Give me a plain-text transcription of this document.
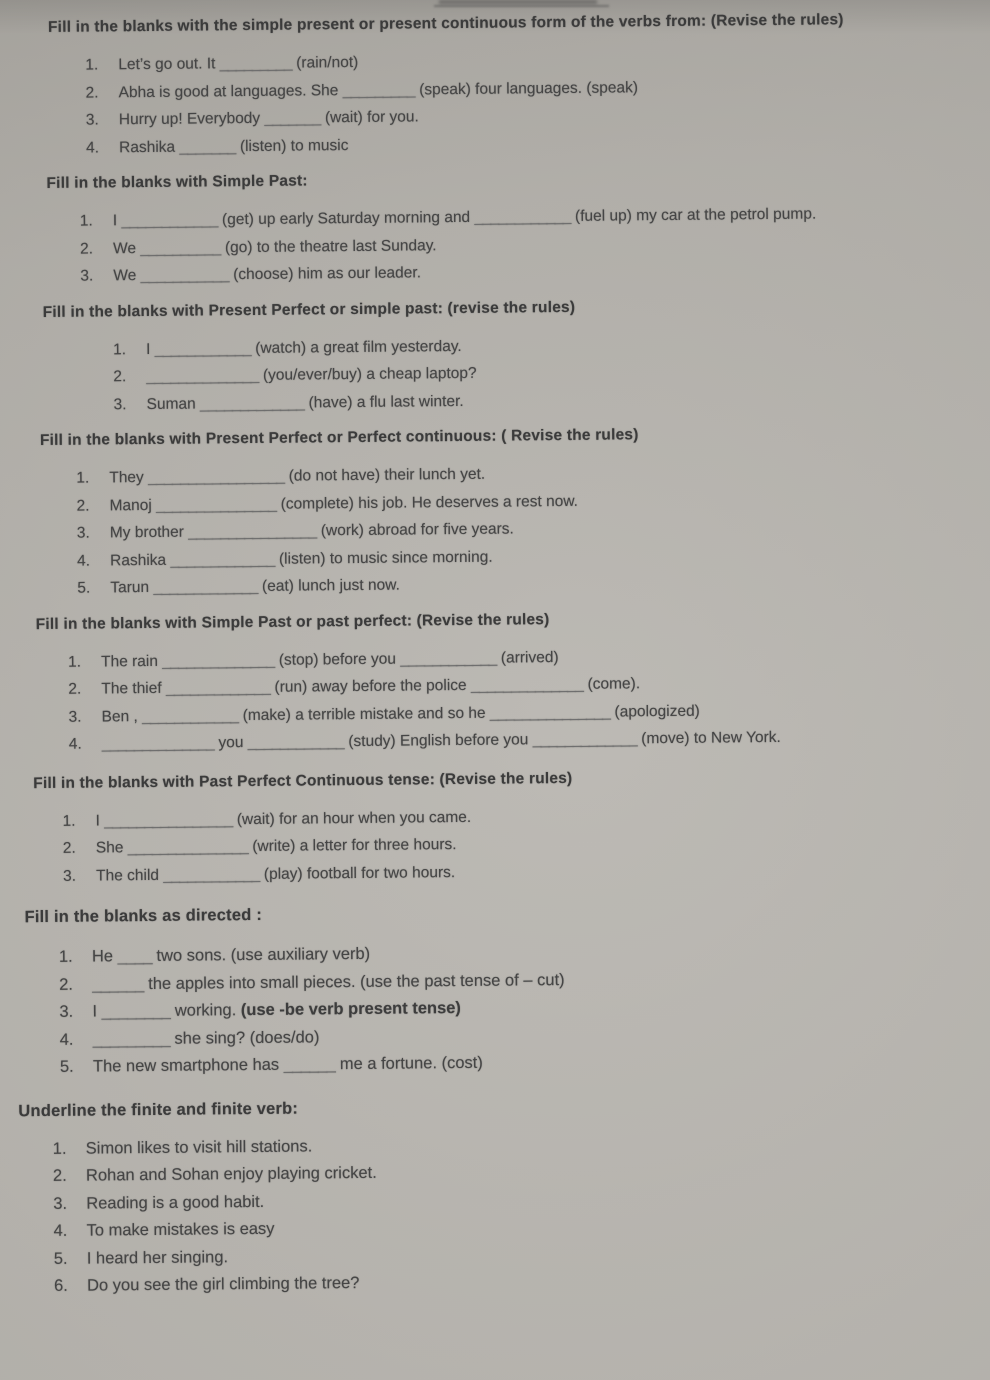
Fill in the blanks with the simple present or present continuous form of the verbs from: (Revise the rules)
1.	Let’s go out. It _________ (rain/not)
2.	Abha is good at languages. She _________ (speak) four languages. (speak)
3.	Hurry up! Everybody _______ (wait) for you.
4.	Rashika _______ (listen) to music
Fill in the blanks with Simple Past:
1.	I ____________ (get) up early Saturday morning and ____________ (fuel up) my car at the petrol pump.
2.	We __________ (go) to the theatre last Sunday.
3.	We ___________ (choose) him as our leader.
Fill in the blanks with Present Perfect or simple past: (revise the rules)
1.	I ____________ (watch) a great film yesterday.
2.	______________ (you/ever/buy) a cheap laptop?
3.	Suman _____________ (have) a flu last winter.
Fill in the blanks with Present Perfect or Perfect continuous: ( Revise the rules)
1.	They _________________ (do not have) their lunch yet.
2.	Manoj _______________ (complete) his job. He deserves a rest now.
3.	My brother ________________ (work) abroad for five years.
4.	Rashika _____________ (listen) to music since morning.
5.	Tarun _____________ (eat) lunch just now.
Fill in the blanks with Simple Past or past perfect: (Revise the rules)
1.	The rain ______________ (stop) before you ____________ (arrived)
2.	The thief _____________ (run) away before the police ______________ (come).
3.	Ben , ____________ (make) a terrible mistake and so he _______________ (apologized)
4.	______________ you ____________ (study) English before you _____________ (move) to New York.
Fill in the blanks with Past Perfect Continuous tense: (Revise the rules)
1.	I ________________ (wait) for an hour when you came.
2.	She _______________ (write) a letter for three hours.
3.	The child ____________ (play) football for two hours.
Fill in the blanks as directed :
1.	He ____ two sons. (use auxiliary verb)
2.	______ the apples into small pieces. (use the past tense of – cut)
3.	I ________ working. (use -be verb present tense)
4.	_________ she sing? (does/do)
5.	The new smartphone has ______ me a fortune. (cost)
Underline the finite and finite verb:
1.	Simon likes to visit hill stations.
2.	Rohan and Sohan enjoy playing cricket.
3.	Reading is a good habit.
4.	To make mistakes is easy
5.	I heard her singing.
6.	Do you see the girl climbing the tree?
